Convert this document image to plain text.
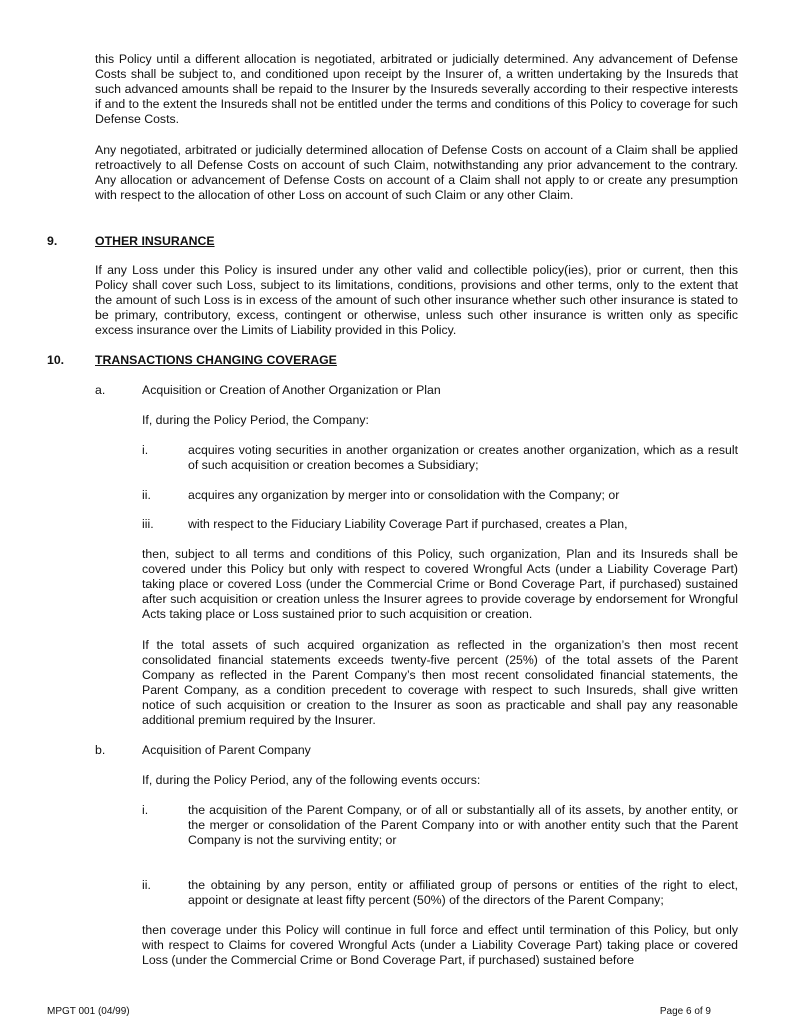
this Policy until a different allocation is negotiated, arbitrated or judicially determined. Any advancement of Defense Costs shall be subject to, and conditioned upon receipt by the Insurer of, a written undertaking by the Insureds that such advanced amounts shall be repaid to the Insurer by the Insureds severally according to their respective interests if and to the extent the Insureds shall not be entitled under the terms and conditions of this Policy to coverage for such Defense Costs.

Any negotiated, arbitrated or judicially determined allocation of Defense Costs on account of a Claim shall be applied retroactively to all Defense Costs on account of such Claim, notwithstanding any prior advancement to the contrary. Any allocation or advancement of Defense Costs on account of a Claim shall not apply to or create any presumption with respect to the allocation of other Loss on account of such Claim or any other Claim.

9.	OTHER INSURANCE

If any Loss under this Policy is insured under any other valid and collectible policy(ies), prior or current, then this Policy shall cover such Loss, subject to its limitations, conditions, provisions and other terms, only to the extent that the amount of such Loss is in excess of the amount of such other insurance whether such other insurance is stated to be primary, contributory, excess, contingent or otherwise, unless such other insurance is written only as specific excess insurance over the Limits of Liability provided in this Policy.

10.	TRANSACTIONS CHANGING COVERAGE
a.	Acquisition or Creation of Another Organization or Plan

If, during the Policy Period, the Company:

i.	acquires voting securities in another organization or creates another organization, which as a result of such acquisition or creation becomes a Subsidiary;

ii.	acquires any organization by merger into or consolidation with the Company; or

iii.	with respect to the Fiduciary Liability Coverage Part if purchased, creates a Plan,

then, subject to all terms and conditions of this Policy, such organization, Plan and its Insureds shall be covered under this Policy but only with respect to covered Wrongful Acts (under a Liability Coverage Part) taking place or covered Loss (under the Commercial Crime or Bond Coverage Part, if purchased) sustained after such acquisition or creation unless the Insurer agrees to provide coverage by endorsement for Wrongful Acts taking place or Loss sustained prior to such acquisition or creation.

If the total assets of such acquired organization as reflected in the organization’s then most recent consolidated financial statements exceeds twenty-five percent (25%) of the total assets of the Parent Company as reflected in the Parent Company’s then most recent consolidated financial statements, the Parent Company, as a condition precedent to coverage with respect to such Insureds, shall give written notice of such acquisition or creation to the Insurer as soon as practicable and shall pay any reasonable additional premium required by the Insurer.

b.	Acquisition of Parent Company

If, during the Policy Period, any of the following events occurs:

i.	the acquisition of the Parent Company, or of all or substantially all of its assets, by another entity, or the merger or consolidation of the Parent Company into or with another entity such that the Parent Company is not the surviving entity; or

ii.	the obtaining by any person, entity or affiliated group of persons or entities of the right to elect, appoint or designate at least fifty percent (50%) of the directors of the Parent Company;

then coverage under this Policy will continue in full force and effect until termination of this Policy, but only with respect to Claims for covered Wrongful Acts (under a Liability Coverage Part) taking place or covered Loss (under the Commercial Crime or Bond Coverage Part, if purchased) sustained before

MPGT 001 (04/99)	Page 6 of 9
